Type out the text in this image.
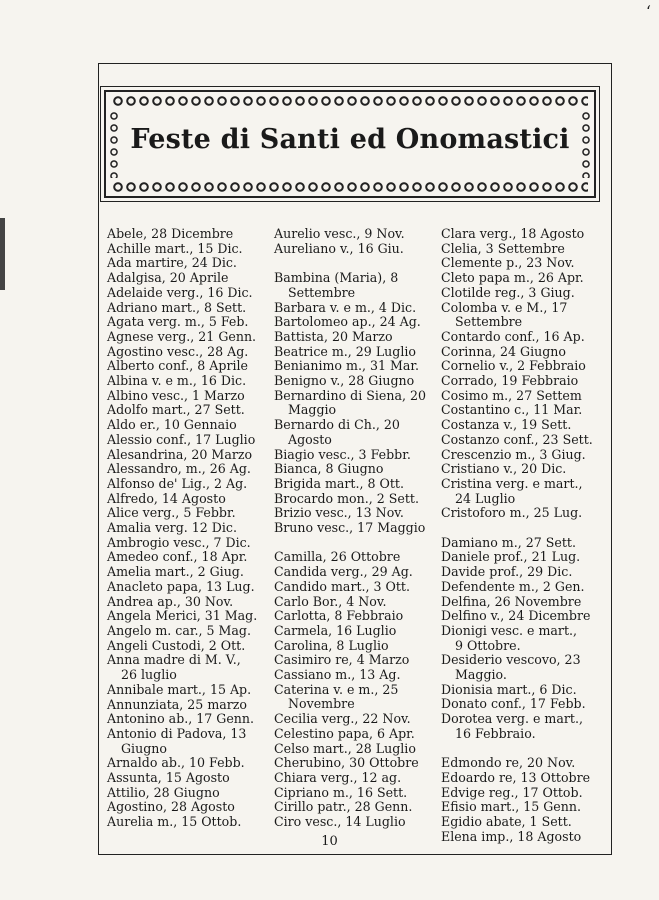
ʻ
Feste di Santi ed Onomastici
Abele, 28 Dicembre
Achille mart., 15 Dic.
Ada martire, 24 Dic.
Adalgisa, 20 Aprile
Adelaide verg., 16 Dic.
Adriano mart., 8 Sett.
Agata verg. m., 5 Feb.
Agnese verg., 21 Genn.
Agostino vesc., 28 Ag.
Alberto conf., 8 Aprile
Albina v. e m., 16 Dic.
Albino vesc., 1 Marzo
Adolfo mart., 27 Sett.
Aldo er., 10 Gennaio
Alessio conf., 17 Luglio
Alesandrina, 20 Marzo
Alessandro, m., 26 Ag.
Alfonso de' Lig., 2 Ag.
Alfredo, 14 Agosto
Alice verg., 5 Febbr.
Amalia verg. 12 Dic.
Ambrogio vesc., 7 Dic.
Amedeo conf., 18 Apr.
Amelia mart., 2 Giug.
Anacleto papa, 13 Lug.
Andrea ap., 30 Nov.
Angela Merici, 31 Mag.
Angelo m. car., 5 Mag.
Angeli Custodi, 2 Ott.
Anna madre di M. V.,
26 luglio
Annibale mart., 15 Ap.
Annunziata, 25 marzo
Antonino ab., 17 Genn.
Antonio di Padova, 13
Giugno
Arnaldo ab., 10 Febb.
Assunta, 15 Agosto
Attilio, 28 Giugno
Agostino, 28 Agosto
Aurelia m., 15 Ottob.
Aurelio vesc., 9 Nov.
Aureliano v., 16 Giu.
Bambina (Maria), 8
Settembre
Barbara v. e m., 4 Dic.
Bartolomeo ap., 24 Ag.
Battista, 20 Marzo
Beatrice m., 29 Luglio
Benianimo m., 31 Mar.
Benigno v., 28 Giugno
Bernardino di Siena, 20
Maggio
Bernardo di Ch., 20
Agosto
Biagio vesc., 3 Febbr.
Bianca, 8 Giugno
Brigida mart., 8 Ott.
Brocardo mon., 2 Sett.
Brizio vesc., 13 Nov.
Bruno vesc., 17 Maggio
Camilla, 26 Ottobre
Candida verg., 29 Ag.
Candido mart., 3 Ott.
Carlo Bor., 4 Nov.
Carlotta, 8 Febbraio
Carmela, 16 Luglio
Carolina, 8 Luglio
Casimiro re, 4 Marzo
Cassiano m., 13 Ag.
Caterina v. e m., 25
Novembre
Cecilia verg., 22 Nov.
Celestino papa, 6 Apr.
Celso mart., 28 Luglio
Cherubino, 30 Ottobre
Chiara verg., 12 ag.
Cipriano m., 16 Sett.
Cirillo patr., 28 Genn.
Ciro vesc., 14 Luglio
Clara verg., 18 Agosto
Clelia, 3 Settembre
Clemente p., 23 Nov.
Cleto papa m., 26 Apr.
Clotilde reg., 3 Giug.
Colomba v. e M., 17
Settembre
Contardo conf., 16 Ap.
Corinna, 24 Giugno
Cornelio v., 2 Febbraio
Corrado, 19 Febbraio
Cosimo m., 27 Settem
Costantino c., 11 Mar.
Costanza v., 19 Sett.
Costanzo conf., 23 Sett.
Crescenzio m., 3 Giug.
Cristiano v., 20 Dic.
Cristina verg. e mart.,
24 Luglio
Cristoforo m., 25 Lug.
Damiano m., 27 Sett.
Daniele prof., 21 Lug.
Davide prof., 29 Dic.
Defendente m., 2 Gen.
Delfina, 26 Novembre
Delfino v., 24 Dicembre
Dionigi vesc. e mart.,
9 Ottobre.
Desiderio vescovo, 23
Maggio.
Dionisia mart., 6 Dic.
Donato conf., 17 Febb.
Dorotea verg. e mart.,
16 Febbraio.
Edmondo re, 20 Nov.
Edoardo re, 13 Ottobre
Edvige reg., 17 Ottob.
Efisio mart., 15 Genn.
Egidio abate, 1 Sett.
Elena imp., 18 Agosto
10
